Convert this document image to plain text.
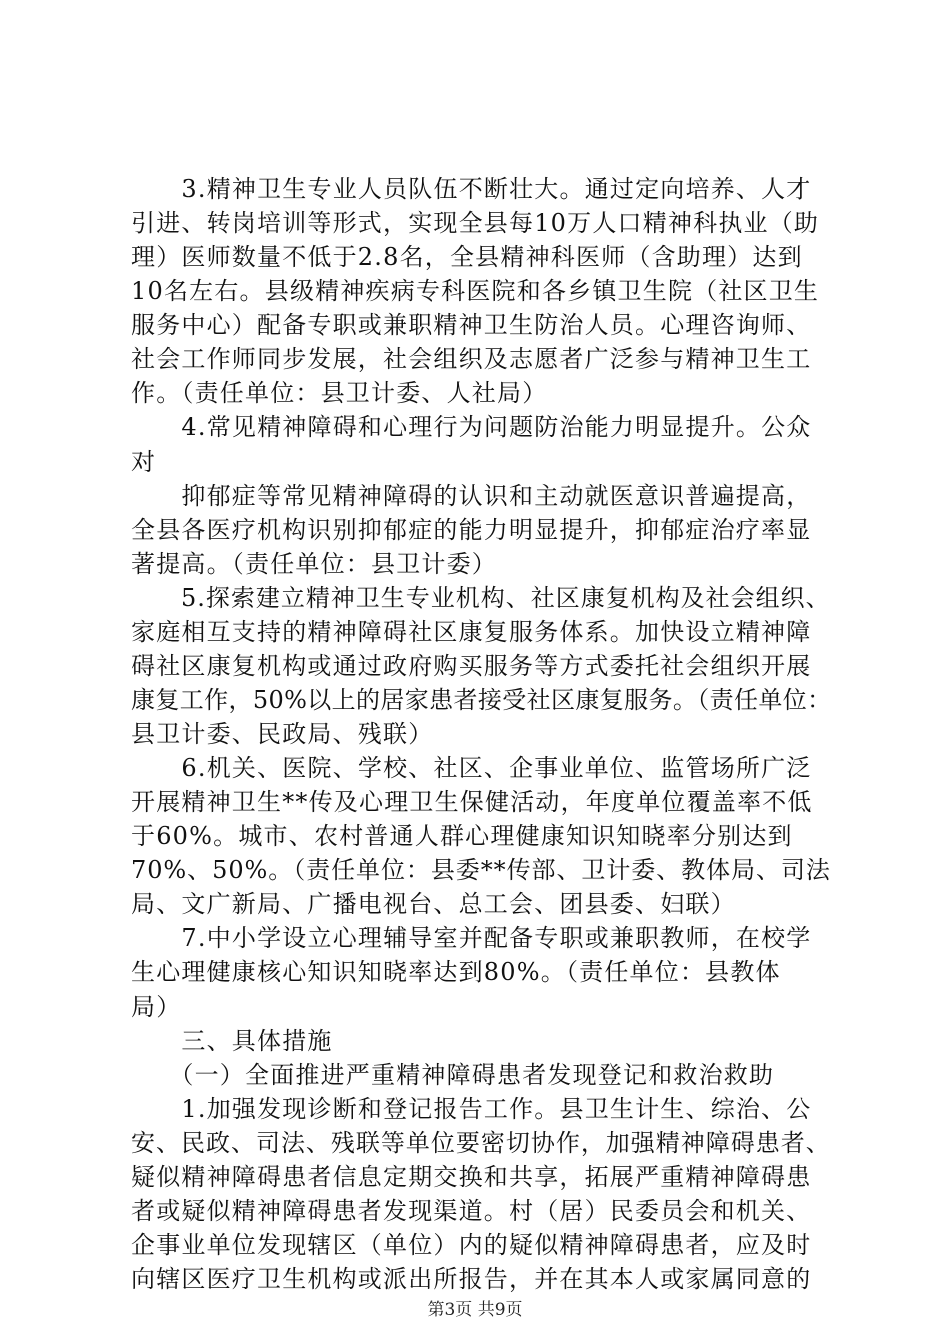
　　3.精神卫生专业人员队伍不断壮大。通过定向培养、人才
引进、转岗培训等形式，实现全县每10万人口精神科执业（助
理）医师数量不低于2.8名，全县精神科医师（含助理）达到
10名左右。县级精神疾病专科医院和各乡镇卫生院（社区卫生
服务中心）配备专职或兼职精神卫生防治人员。心理咨询师、
社会工作师同步发展，社会组织及志愿者广泛参与精神卫生工
作。（责任单位：县卫计委、人社局）
　　4.常见精神障碍和心理行为问题防治能力明显提升。公众
对
　　抑郁症等常见精神障碍的认识和主动就医意识普遍提高，
全县各医疗机构识别抑郁症的能力明显提升，抑郁症治疗率显
著提高。（责任单位：县卫计委）
　　5.探索建立精神卫生专业机构、社区康复机构及社会组织、
家庭相互支持的精神障碍社区康复服务体系。加快设立精神障
碍社区康复机构或通过政府购买服务等方式委托社会组织开展
康复工作，50%以上的居家患者接受社区康复服务。（责任单位：
县卫计委、民政局、残联）
　　6.机关、医院、学校、社区、企事业单位、监管场所广泛
开展精神卫生**传及心理卫生保健活动，年度单位覆盖率不低
于60%。城市、农村普通人群心理健康知识知晓率分别达到
70%、50%。（责任单位：县委**传部、卫计委、教体局、司法
局、文广新局、广播电视台、总工会、团县委、妇联）
　　7.中小学设立心理辅导室并配备专职或兼职教师，在校学
生心理健康核心知识知晓率达到80%。（责任单位：县教体
局）
　　三、具体措施
　　（一）全面推进严重精神障碍患者发现登记和救治救助
　　1.加强发现诊断和登记报告工作。县卫生计生、综治、公
安、民政、司法、残联等单位要密切协作，加强精神障碍患者、
疑似精神障碍患者信息定期交换和共享，拓展严重精神障碍患
者或疑似精神障碍患者发现渠道。村（居）民委员会和机关、
企事业单位发现辖区（单位）内的疑似精神障碍患者，应及时
向辖区医疗卫生机构或派出所报告，并在其本人或家属同意的
第3页 共9页
